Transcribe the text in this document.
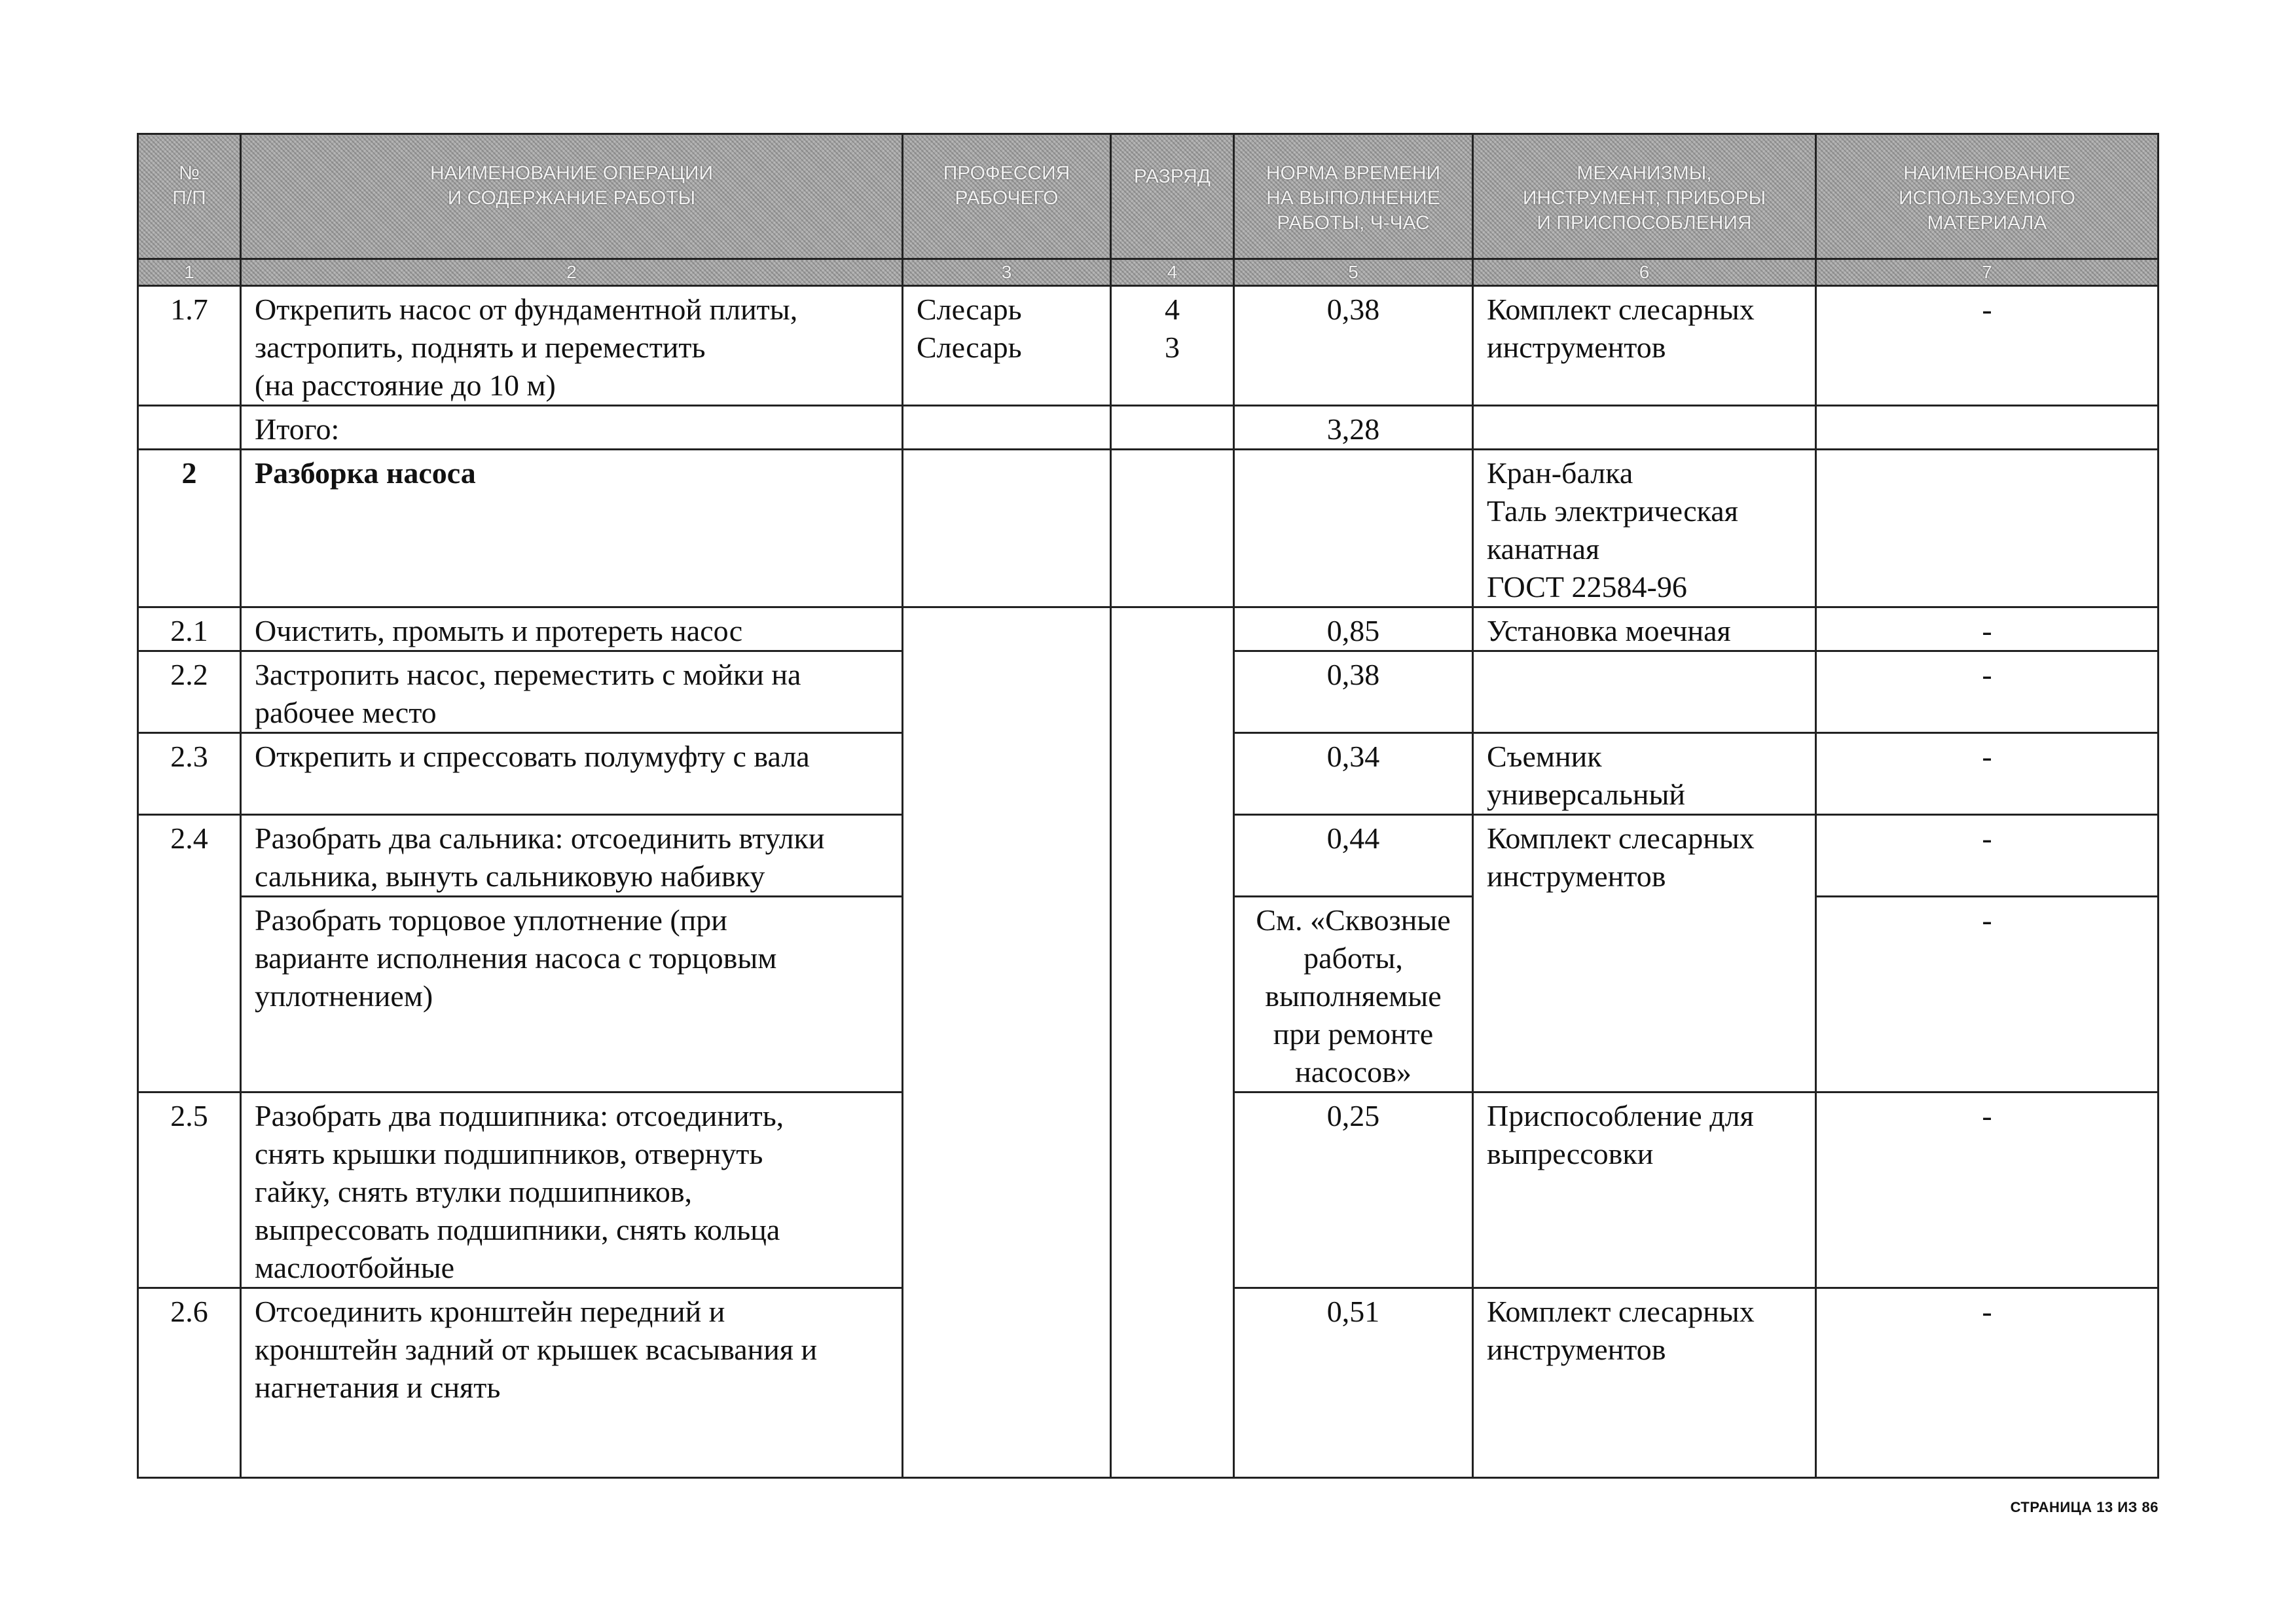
№
П/П	НАИМЕНОВАНИЕ ОПЕРАЦИИ
И СОДЕРЖАНИЕ РАБОТЫ	ПРОФЕССИЯ
РАБОЧЕГО	РАЗРЯД	НОРМА ВРЕМЕНИ
НА ВЫПОЛНЕНИЕ
РАБОТЫ, Ч-ЧАС	МЕХАНИЗМЫ,
ИНСТРУМЕНТ, ПРИБОРЫ
И ПРИСПОСОБЛЕНИЯ	НАИМЕНОВАНИЕ
ИСПОЛЬЗУЕМОГО
МАТЕРИАЛА
1	2	3	4	5	6	7

1.7	Открепить насос от фундаментной плиты,
застропить, поднять и переместить
(на расстояние до 10 м)	Слесарь
Слесарь	4
3	0,38	Комплект слесарных
инструментов	-

	Итого:			3,28		

2	Разборка насоса				Кран-балка
Таль электрическая
канатная
ГОСТ 22584-96	

2.1	Очистить, промыть и протереть насос			0,85	Установка моечная	-

2.2	Застропить насос, переместить с мойки на
рабочее место			0,38		-

2.3	Открепить и спрессовать полумуфту с вала			0,34	Съемник
универсальный	-

2.4	Разобрать два сальника: отсоединить втулки
сальника, вынуть сальниковую набивку			0,44	Комплект слесарных
инструментов	-

	Разобрать торцовое уплотнение (при
варианте исполнения насоса с торцовым
уплотнением)			См. «Сквозные
работы,
выполняемые
при ремонте
насосов»		-

2.5	Разобрать два подшипника: отсоединить,
снять крышки подшипников, отвернуть
гайку, снять втулки подшипников,
выпрессовать подшипники, снять кольца
маслоотбойные			0,25	Приспособление для
выпрессовки	-

2.6	Отсоединить кронштейн передний и
кронштейн задний от крышек всасывания и
нагнетания и снять			0,51	Комплект слесарных
инструментов	-
СТРАНИЦА 13 ИЗ 86
